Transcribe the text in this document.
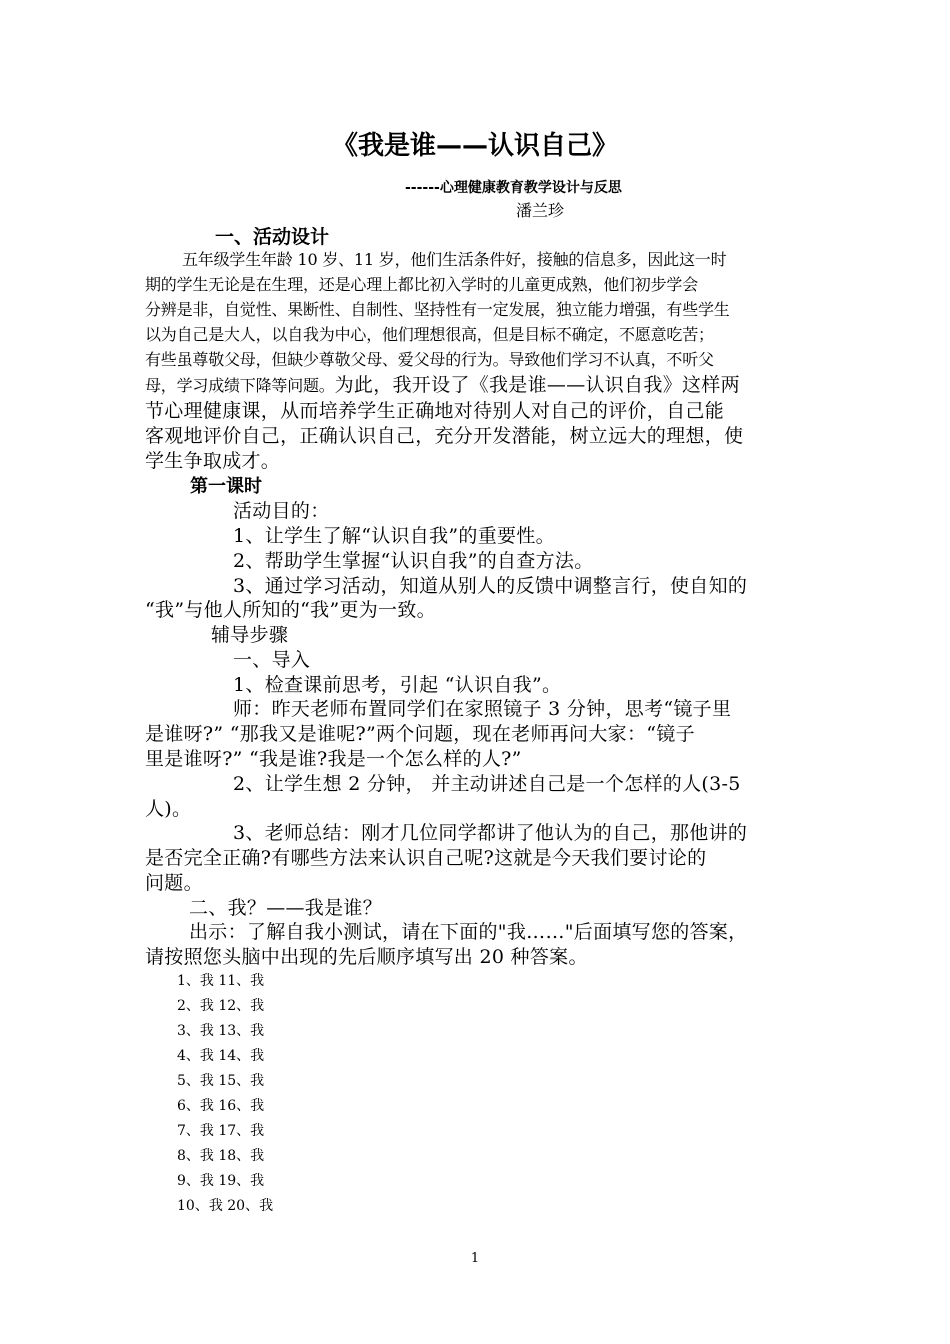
《我是谁——认识自己》
------心理健康教育教学设计与反思
潘兰珍
一、活动设计
五年级学生年龄 10 岁、11 岁，他们生活条件好，接触的信息多，因此这一时
期的学生无论是在生理，还是心理上都比初入学时的儿童更成熟，他们初步学会
分辨是非，自觉性、果断性、自制性、坚持性有一定发展，独立能力增强，有些学生
以为自己是大人，以自我为中心，他们理想很高，但是目标不确定，不愿意吃苦；
有些虽尊敬父母，但缺少尊敬父母、爱父母的行为。导致他们学习不认真，不听父
母，学习成绩下降等问题。为此，我开设了《我是谁——认识自我》这样两
节心理健康课，从而培养学生正确地对待别人对自己的评价，自己能
客观地评价自己，正确认识自己，充分开发潜能，树立远大的理想，使
学生争取成才。
第一课时
活动目的：
1、让学生了解“认识自我”的重要性。
2、帮助学生掌握“认识自我”的自查方法。
3、通过学习活动，知道从别人的反馈中调整言行，使自知的
“我”与他人所知的“我”更为一致。
辅导步骤
一、导入
1、检查课前思考，引起 “认识自我”。
师：昨天老师布置同学们在家照镜子 3 分钟，思考“镜子里
是谁呀?” “那我又是谁呢?”两个问题，现在老师再问大家：“镜子
里是谁呀?” “我是谁?我是一个怎么样的人?”
2、让学生想 2 分钟， 并主动讲述自己是一个怎样的人(3-5
人)。
3、老师总结：刚才几位同学都讲了他认为的自己，那他讲的
是否完全正确?有哪些方法来认识自己呢?这就是今天我们要讨论的
问题。
二、我？——我是谁？
出示：了解自我小测试，请在下面的"我……"后面填写您的答案，
请按照您头脑中出现的先后顺序填写出 20 种答案。
1、我 11、我
2、我 12、我
3、我 13、我
4、我 14、我
5、我 15、我
6、我 16、我
7、我 17、我
8、我 18、我
9、我 19、我
10、我 20、我
1
